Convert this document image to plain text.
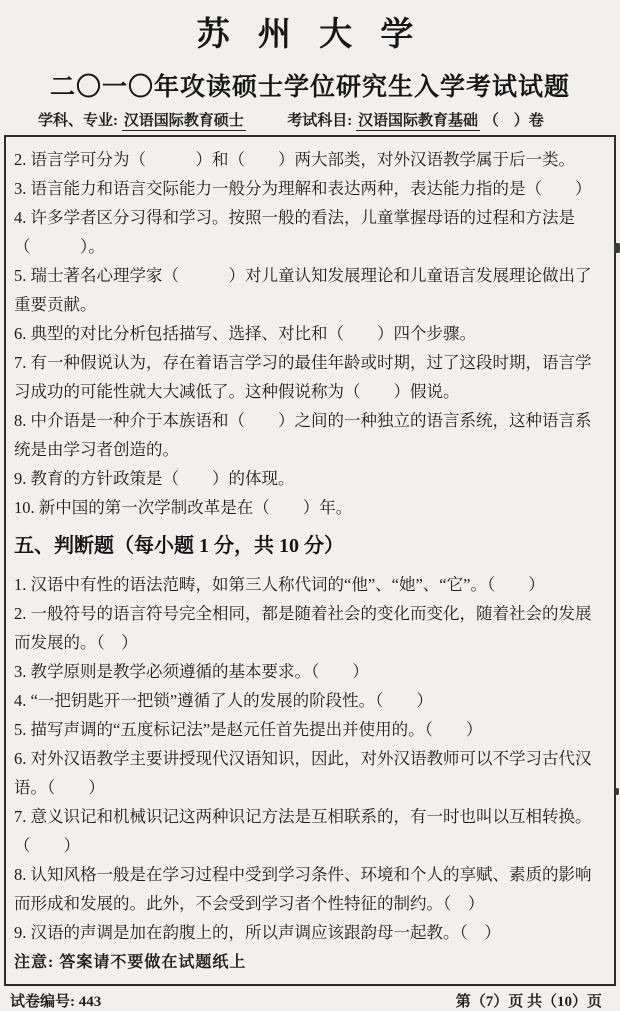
苏 州 大 学
二〇一〇年攻读硕士学位研究生入学考试试题
学科、专业: 汉语国际教育硕士	考试科目: 汉语国际教育基础 （　）卷

2. 语言学可分为（　　　）和（　　）两大部类，对外汉语教学属于后一类。

3. 语言能力和语言交际能力一般分为理解和表达两种，表达能力指的是（　　）

4. 许多学者区分习得和学习。按照一般的看法，儿童掌握母语的过程和方法是（　　　）。

5. 瑞士著名心理学家（　　　）对儿童认知发展理论和儿童语言发展理论做出了重要贡献。

6. 典型的对比分析包括描写、选择、对比和（　　）四个步骤。

7. 有一种假说认为，存在着语言学习的最佳年龄或时期，过了这段时期，语言学习成功的可能性就大大减低了。这种假说称为（　　）假说。

8. 中介语是一种介于本族语和（　　）之间的一种独立的语言系统，这种语言系统是由学习者创造的。

9. 教育的方针政策是（　　）的体现。

10. 新中国的第一次学制改革是在（　　）年。

五、判断题（每小题 1 分，共 10 分）

1. 汉语中有性的语法范畴，如第三人称代词的“他”、“她”、“它”。（　　）

2. 一般符号的语言符号完全相同，都是随着社会的变化而变化，随着社会的发展而发展的。（　）

3. 教学原则是教学必须遵循的基本要求。（　　）

4. “一把钥匙开一把锁”遵循了人的发展的阶段性。（　　）

5. 描写声调的“五度标记法”是赵元任首先提出并使用的。（　　）

6. 对外汉语教学主要讲授现代汉语知识，因此，对外汉语教师可以不学习古代汉语。（　　）

7. 意义识记和机械识记这两种识记方法是互相联系的，有一时也叫以互相转换。（　　）

8. 认知风格一般是在学习过程中受到学习条件、环境和个人的享赋、素质的影响而形成和发展的。此外，不会受到学习者个性特征的制约。（　）

9. 汉语的声调是加在韵腹上的，所以声调应该跟韵母一起教。（　）

注意: 答案请不要做在试题纸上

试卷编号: 443	第（7）页 共（10）页
